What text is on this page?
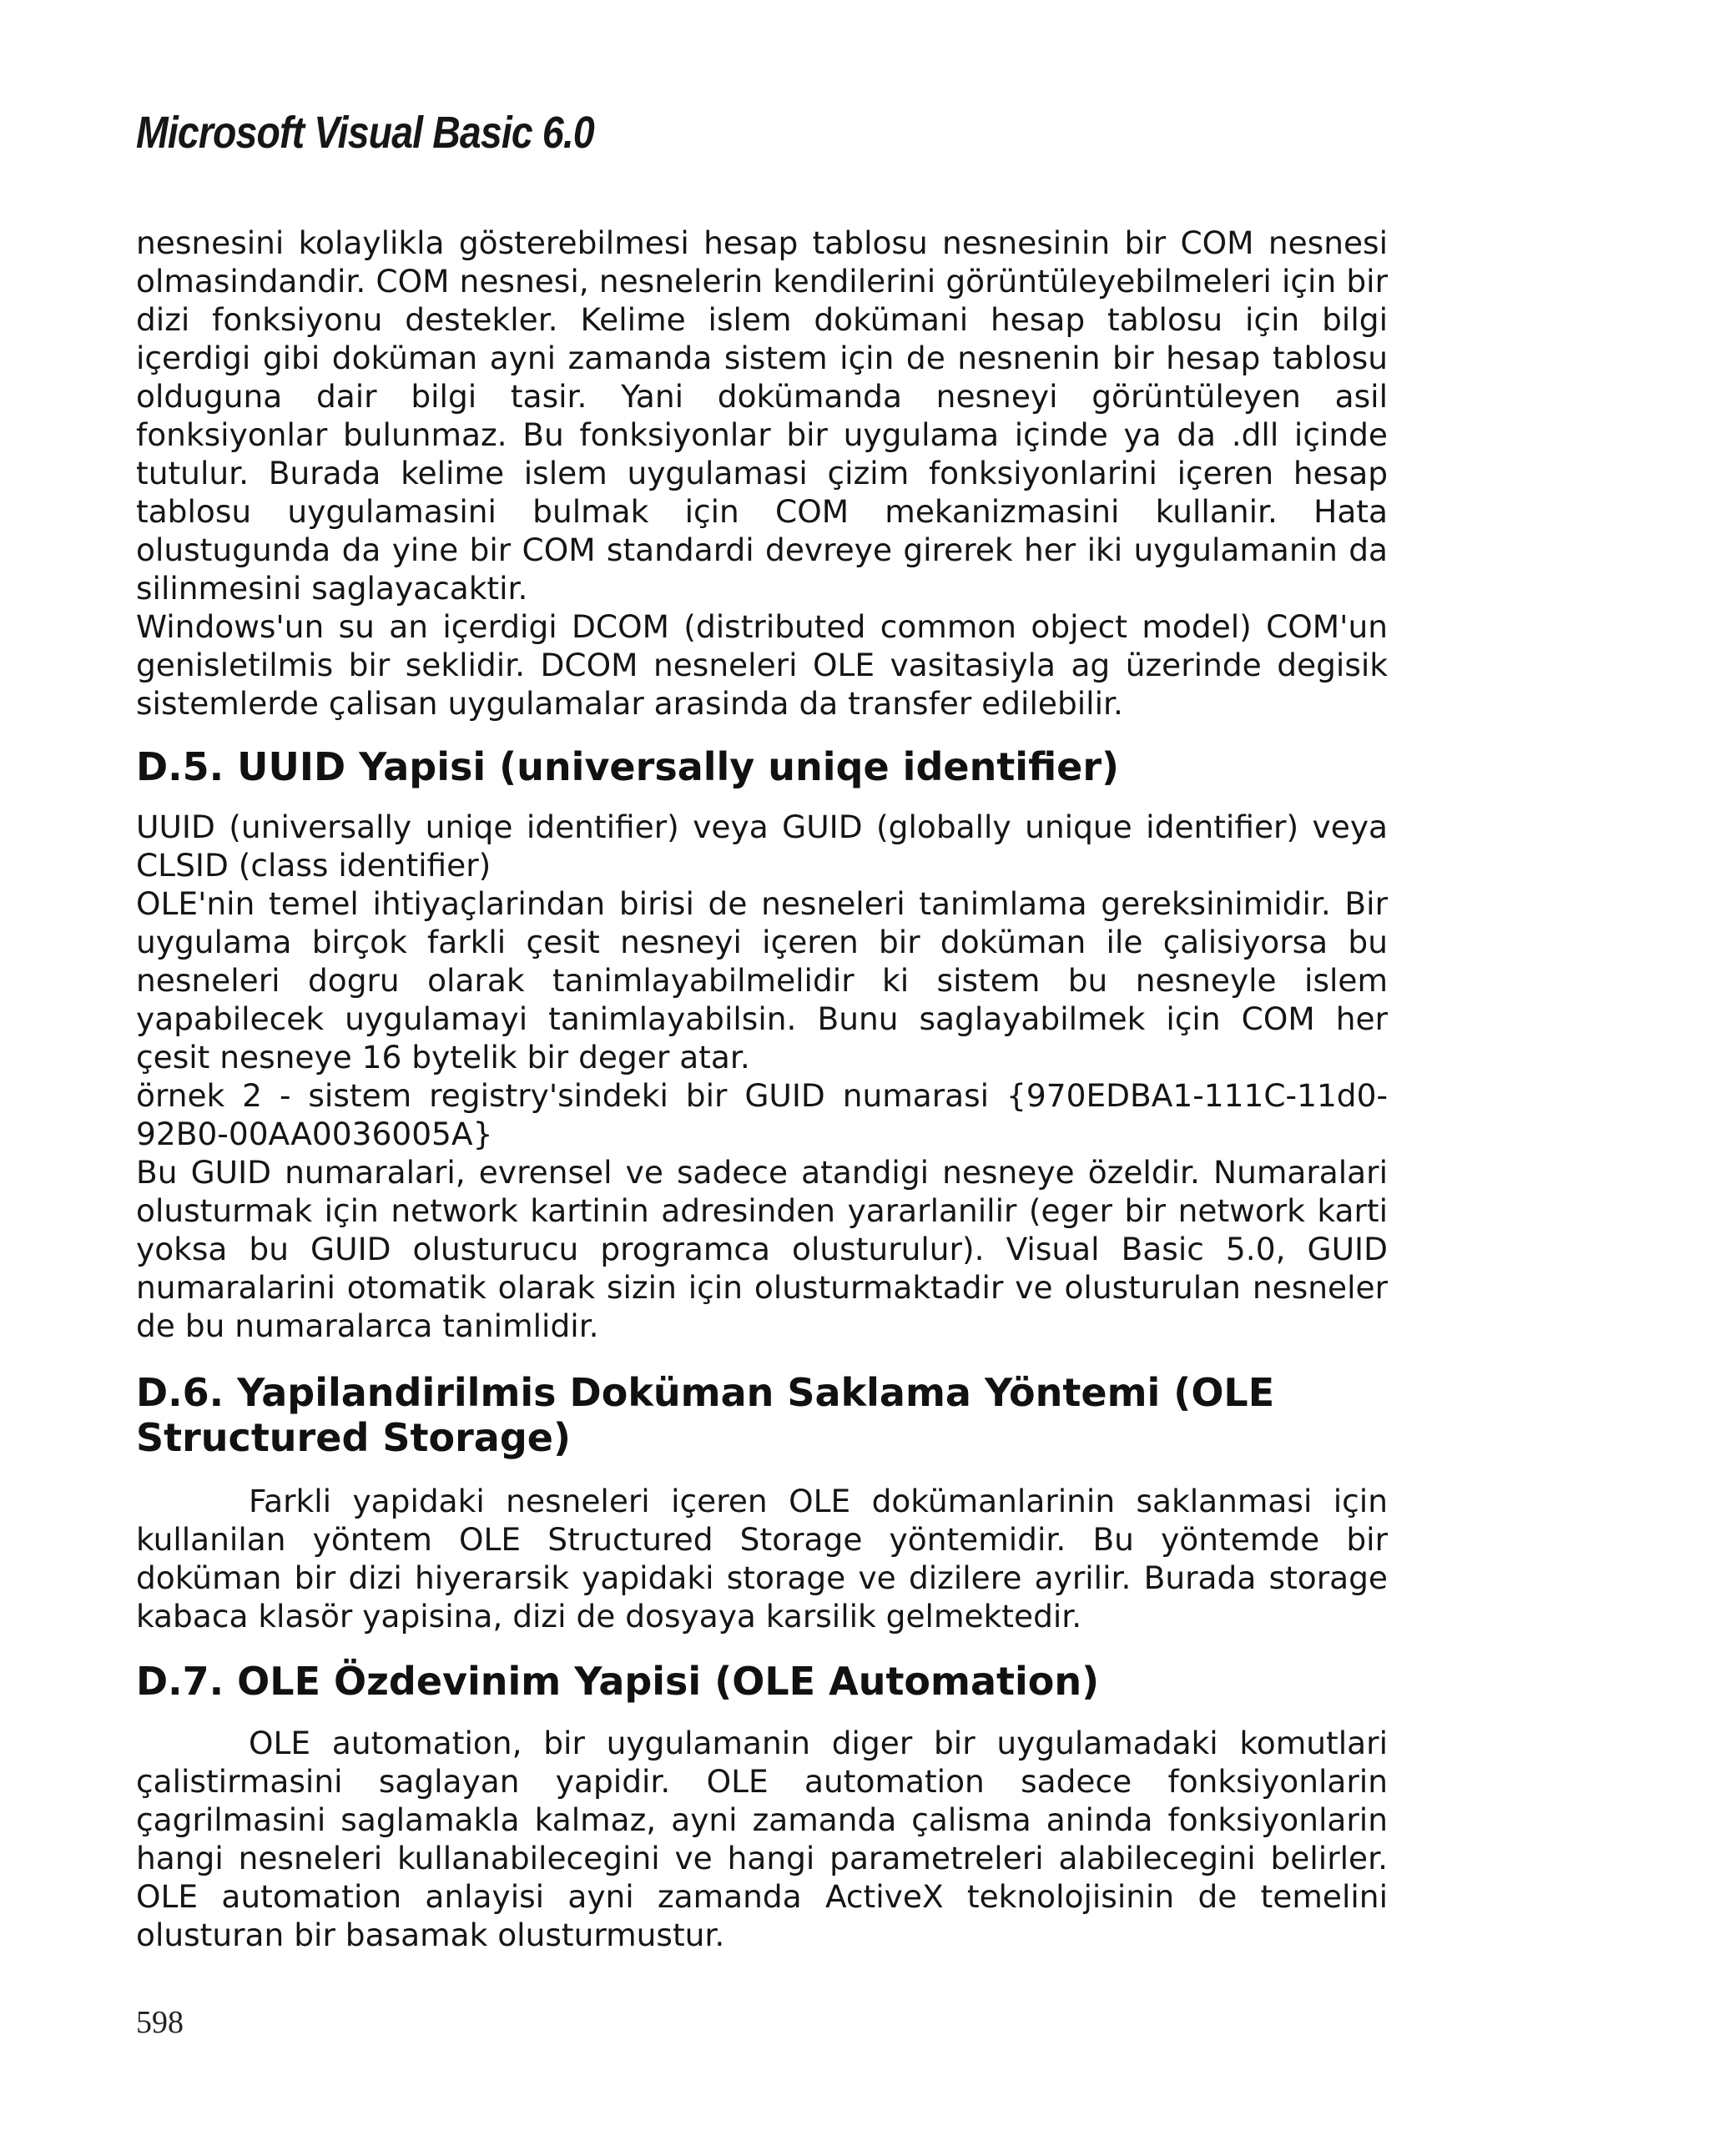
Microsoft Visual Basic 6.0

nesnesini kolaylikla gösterebilmesi hesap tablosu nesnesinin bir COM nesnesi olmasindandir. COM nesnesi, nesnelerin kendilerini görüntüleyebilmeleri için bir dizi fonksiyonu destekler. Kelime islem dokümani hesap tablosu için bilgi içerdigi gibi doküman ayni zamanda sistem için de nesnenin bir hesap tablosu olduguna dair bilgi tasir. Yani dokümanda nesneyi görüntüleyen asil fonksiyonlar bulunmaz. Bu fonksiyonlar bir uygulama içinde ya da .dll içinde tutulur. Burada kelime islem uygulamasi çizim fonksiyonlarini içeren hesap tablosu uygulamasini bulmak için COM mekanizmasini kullanir. Hata olustugunda da yine bir COM standardi devreye girerek her iki uygulamanin da silinmesini saglayacaktir.

Windows'un su an içerdigi DCOM (distributed common object model) COM'un genisletilmis bir seklidir. DCOM nesneleri OLE vasitasiyla ag üzerinde degisik sistemlerde çalisan uygulamalar arasinda da transfer edilebilir.

D.5. UUID Yapisi (universally uniqe identifier)

UUID (universally uniqe identifier) veya GUID (globally unique identifier) veya CLSID (class identifier)

OLE'nin temel ihtiyaçlarindan birisi de nesneleri tanimlama gereksinimidir. Bir uygulama birçok farkli çesit nesneyi içeren bir doküman ile çalisiyorsa bu nesneleri dogru olarak tanimlayabilmelidir ki sistem bu nesneyle islem yapabilecek uygulamayi tanimlayabilsin. Bunu saglayabilmek için COM her çesit nesneye 16 bytelik bir deger atar.

örnek 2 - sistem registry'sindeki bir GUID numarasi {970EDBA1-111C-11d0-92B0-00AA0036005A}

Bu GUID numaralari, evrensel ve sadece atandigi nesneye özeldir. Numaralari olusturmak için network kartinin adresinden yararlanilir (eger bir network karti yoksa bu GUID olusturucu programca olusturulur). Visual Basic 5.0, GUID numaralarini otomatik olarak sizin için olusturmaktadir ve olusturulan nesneler de bu numaralarca tanimlidir.

D.6. Yapilandirilmis Doküman Saklama Yöntemi (OLE Structured Storage)

Farkli yapidaki nesneleri içeren OLE dokümanlarinin saklanmasi için kullanilan yöntem OLE Structured Storage yöntemidir. Bu yöntemde bir doküman bir dizi hiyerarsik yapidaki storage ve dizilere ayrilir. Burada storage kabaca klasör yapisina, dizi de dosyaya karsilik gelmektedir.

D.7. OLE Özdevinim Yapisi (OLE Automation)

OLE automation, bir uygulamanin diger bir uygulamadaki komutlari çalistirmasini saglayan yapidir. OLE automation sadece fonksiyonlarin çagrilmasini saglamakla kalmaz, ayni zamanda çalisma aninda fonksiyonlarin hangi nesneleri kullanabilecegini ve hangi parametreleri alabilecegini belirler. OLE automation anlayisi ayni zamanda ActiveX teknolojisinin de temelini olusturan bir basamak olusturmustur.

598
